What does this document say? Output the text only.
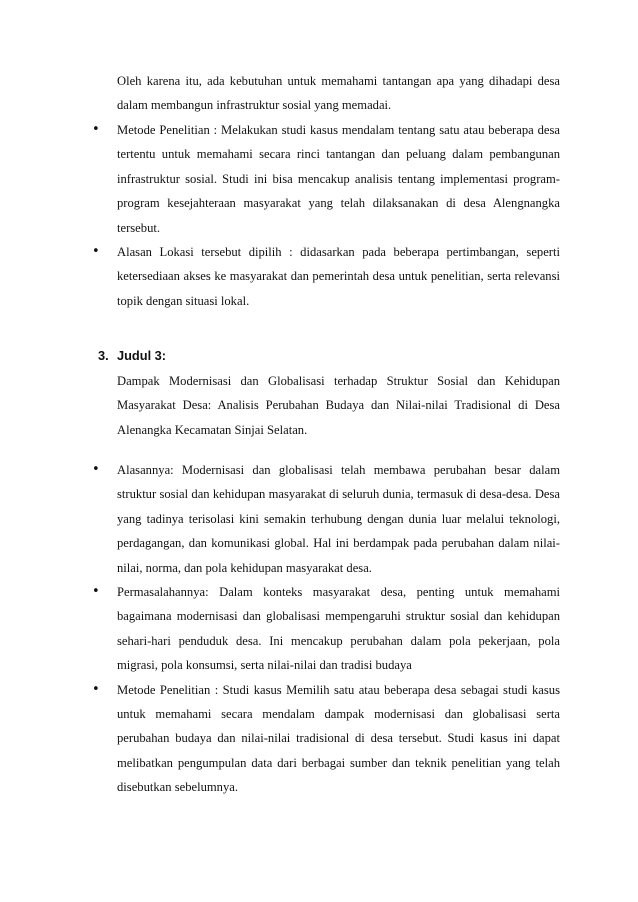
Oleh karena itu, ada kebutuhan untuk memahami tantangan apa yang dihadapi desa dalam membangun infrastruktur sosial yang memadai.

• Metode Penelitian : Melakukan studi kasus mendalam tentang satu atau beberapa desa tertentu untuk memahami secara rinci tantangan dan peluang dalam pembangunan infrastruktur sosial. Studi ini bisa mencakup analisis tentang implementasi program-program kesejahteraan masyarakat yang telah dilaksanakan di desa Alengnangka tersebut.

• Alasan Lokasi tersebut dipilih : didasarkan pada beberapa pertimbangan, seperti ketersediaan akses ke masyarakat dan pemerintah desa untuk penelitian, serta relevansi topik dengan situasi lokal.

3. Judul 3:

Dampak Modernisasi dan Globalisasi terhadap Struktur Sosial dan Kehidupan Masyarakat Desa: Analisis Perubahan Budaya dan Nilai-nilai Tradisional di Desa Alenangka Kecamatan Sinjai Selatan.

• Alasannya: Modernisasi dan globalisasi telah membawa perubahan besar dalam struktur sosial dan kehidupan masyarakat di seluruh dunia, termasuk di desa-desa. Desa yang tadinya terisolasi kini semakin terhubung dengan dunia luar melalui teknologi, perdagangan, dan komunikasi global. Hal ini berdampak pada perubahan dalam nilai-nilai, norma, dan pola kehidupan masyarakat desa.

• Permasalahannya: Dalam konteks masyarakat desa, penting untuk memahami bagaimana modernisasi dan globalisasi mempengaruhi struktur sosial dan kehidupan sehari-hari penduduk desa. Ini mencakup perubahan dalam pola pekerjaan, pola migrasi, pola konsumsi, serta nilai-nilai dan tradisi budaya

• Metode Penelitian : Studi kasus Memilih satu atau beberapa desa sebagai studi kasus untuk memahami secara mendalam dampak modernisasi dan globalisasi serta perubahan budaya dan nilai-nilai tradisional di desa tersebut. Studi kasus ini dapat melibatkan pengumpulan data dari berbagai sumber dan teknik penelitian yang telah disebutkan sebelumnya.
